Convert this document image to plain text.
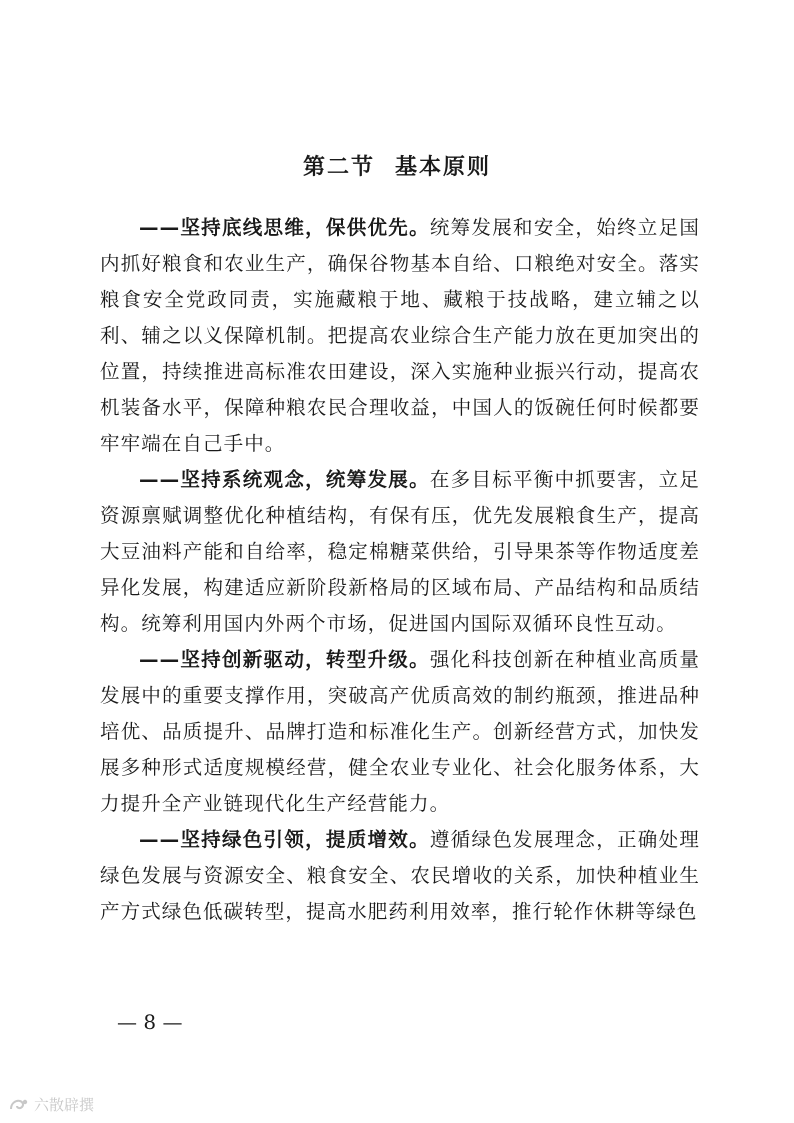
第二节 基本原则

——坚持底线思维，保供优先。统筹发展和安全，始终立足国内抓好粮食和农业生产，确保谷物基本自给、口粮绝对安全。落实粮食安全党政同责，实施藏粮于地、藏粮于技战略，建立辅之以利、辅之以义保障机制。把提高农业综合生产能力放在更加突出的位置，持续推进高标准农田建设，深入实施种业振兴行动，提高农机装备水平，保障种粮农民合理收益，中国人的饭碗任何时候都要牢牢端在自己手中。

——坚持系统观念，统筹发展。在多目标平衡中抓要害，立足资源禀赋调整优化种植结构，有保有压，优先发展粮食生产，提高大豆油料产能和自给率，稳定棉糖菜供给，引导果茶等作物适度差异化发展，构建适应新阶段新格局的区域布局、产品结构和品质结构。统筹利用国内外两个市场，促进国内国际双循环良性互动。

——坚持创新驱动，转型升级。强化科技创新在种植业高质量发展中的重要支撑作用，突破高产优质高效的制约瓶颈，推进品种培优、品质提升、品牌打造和标准化生产。创新经营方式，加快发展多种形式适度规模经营，健全农业专业化、社会化服务体系，大力提升全产业链现代化生产经营能力。

——坚持绿色引领，提质增效。遵循绿色发展理念，正确处理绿色发展与资源安全、粮食安全、农民增收的关系，加快种植业生产方式绿色低碳转型，提高水肥药利用效率，推行轮作休耕等绿色

— 8 —
六散辟撰
